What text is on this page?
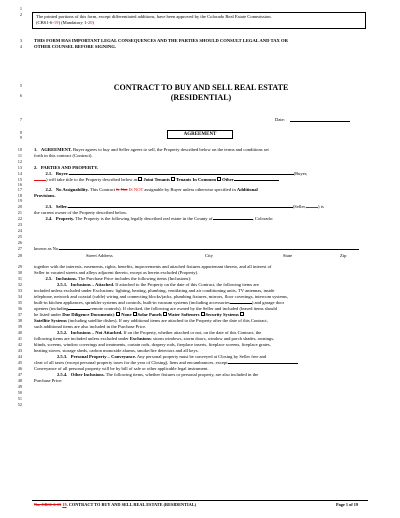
The printed portions of this form, except differentiated additions, have been approved by the Colorado Real Estate Commission.
(CBS1-6-19) (Mandatory 1-20)
1
2
3
4
5
6
7
8
9
10
11
12
13
14
15
16
17
18
19
20
21
22
23
24
25
26
27
28
29
30
31
32
33
34
35
36
37
38
39
40
41
42
43
44
45
46
47
48
49
50
51
52
THIS FORM HAS IMPORTANT LEGAL CONSEQUENCES AND THE PARTIES SHOULD CONSULT LEGAL AND TAX OR
OTHER COUNSEL BEFORE SIGNING.
CONTRACT TO BUY AND SELL REAL ESTATE
(RESIDENTIAL)
Date:
AGREEMENT
1. AGREEMENT. Buyer agrees to buy and Seller agrees to sell, the Property described below on the terms and conditions set
forth in this contract (Contract).
2. PARTIES AND PROPERTY.
2.1. Buyer.	(Buyer,
) will take title to the Property described below as Joint Tenants Tenants In Common Other
2.2. No Assignability. This Contract Is Not IS NOT assignable by Buyer unless otherwise specified in Additional
Provisions.
2.3. Seller.	(Seller,	) is
the current owner of the Property described below.
2.4. Property. The Property is the following legally described real estate in the County of	, Colorado:
known as No.
Street Address	City	State	Zip
together with the interests, easements, rights, benefits, improvements and attached fixtures appurtenant thereto, and all interest of
Seller in vacated streets and alleys adjacent thereto, except as herein excluded (Property).
2.5. Inclusions. The Purchase Price includes the following items (Inclusions):
2.5.1. Inclusions – Attached. If attached to the Property on the date of this Contract, the following items are
included unless excluded under Exclusions: lighting, heating, plumbing, ventilating and air conditioning units, TV antennas, inside
telephone, network and coaxial (cable) wiring and connecting blocks/jacks, plumbing fixtures, mirrors, floor coverings, intercom systems,
built-in kitchen appliances, sprinkler systems and controls, built-in vacuum systems (including accessories	) and garage door
openers (including	remote controls). If checked, the following are owned by the Seller and included (leased items should
be listed under Due Diligence Documents): None Solar Panels Water Softeners Security Systems
Satellite Systems (including satellite dishes). If any additional items are attached to the Property after the date of this Contract,
such additional items are also included in the Purchase Price.
2.5.2. Inclusions – Not Attached. If on the Property, whether attached or not, on the date of this Contract, the
following items are included unless excluded under Exclusions: storm windows, storm doors, window and porch shades, awnings,
blinds, screens, window coverings and treatments, curtain rods, drapery rods, fireplace inserts, fireplace screens, fireplace grates,
heating stoves, storage sheds, carbon monoxide alarms, smoke/fire detectors and all keys.
2.5.3. Personal Property – Conveyance. Any personal property must be conveyed at Closing by Seller free and
clear of all taxes (except personal property taxes for the year of Closing), liens and encumbrances, except
Conveyance of all personal property will be by bill of sale or other applicable legal instrument.
2.5.4. Other Inclusions. The following items, whether fixtures or personal property, are also included in the
Purchase Price:
No. CBS1-6-15 19. CONTRACT TO BUY AND SELL REAL ESTATE (RESIDENTIAL)	Page 1 of 19
